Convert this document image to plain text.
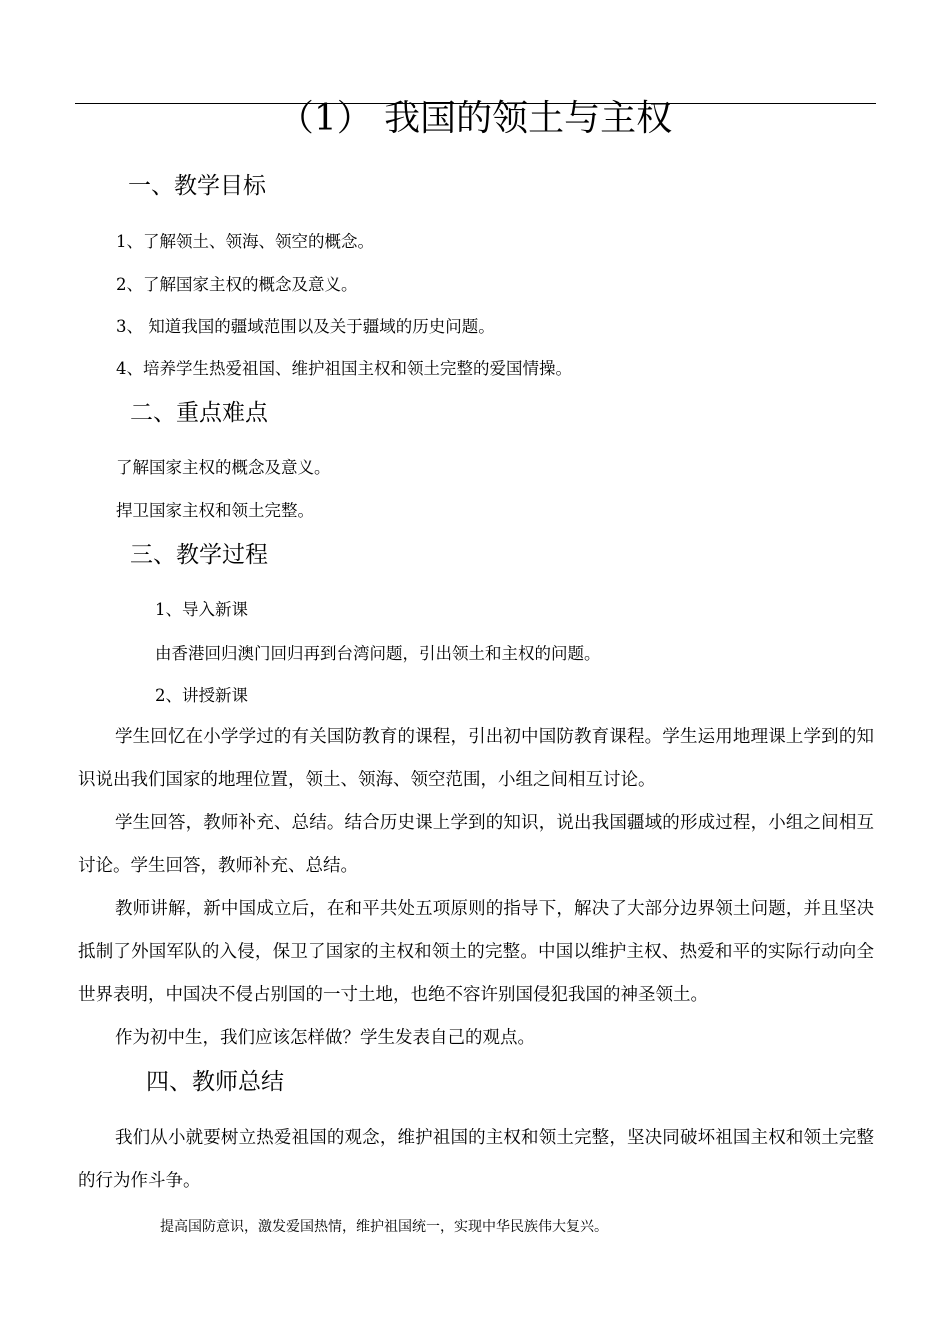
（1） 我国的领土与主权
一、教学目标
1、了解领土、领海、领空的概念。
2、了解国家主权的概念及意义。
3、 知道我国的疆域范围以及关于疆域的历史问题。
4、培养学生热爱祖国、维护祖国主权和领土完整的爱国情操。
二、重点难点
了解国家主权的概念及意义。
捍卫国家主权和领土完整。
三、教学过程
1、导入新课
由香港回归澳门回归再到台湾问题，引出领土和主权的问题。
2、讲授新课
学生回忆在小学学过的有关国防教育的课程，引出初中国防教育课程。学生运用地理课上学到的知识说出我们国家的地理位置，领土、领海、领空范围，小组之间相互讨论。
学生回答，教师补充、总结。结合历史课上学到的知识，说出我国疆域的形成过程，小组之间相互讨论。学生回答，教师补充、总结。
教师讲解，新中国成立后，在和平共处五项原则的指导下，解决了大部分边界领土问题，并且坚决抵制了外国军队的入侵，保卫了国家的主权和领土的完整。中国以维护主权、热爱和平的实际行动向全世界表明，中国决不侵占别国的一寸土地，也绝不容许别国侵犯我国的神圣领土。
作为初中生，我们应该怎样做？学生发表自己的观点。
四、教师总结
我们从小就要树立热爱祖国的观念，维护祖国的主权和领土完整，坚决同破坏祖国主权和领土完整的行为作斗争。
提高国防意识，激发爱国热情，维护祖国统一，实现中华民族伟大复兴。
